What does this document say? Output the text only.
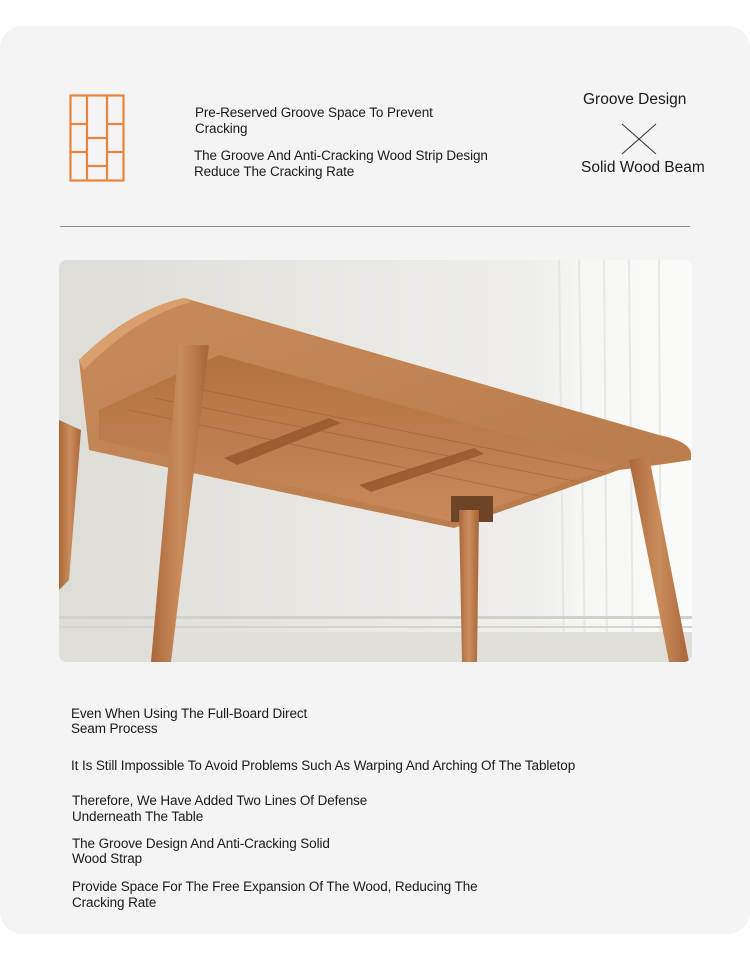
Pre-Reserved Groove Space To Prevent
Cracking
The Groove And Anti-Cracking Wood Strip Design
Reduce The Cracking Rate
Groove Design
Solid Wood Beam
Even When Using The Full-Board Direct
Seam Process
It Is Still Impossible To Avoid Problems Such As Warping And Arching Of The Tabletop
Therefore, We Have Added Two Lines Of Defense
Underneath The Table
The Groove Design And Anti-Cracking Solid
Wood Strap
Provide Space For The Free Expansion Of The Wood, Reducing The
Cracking Rate
